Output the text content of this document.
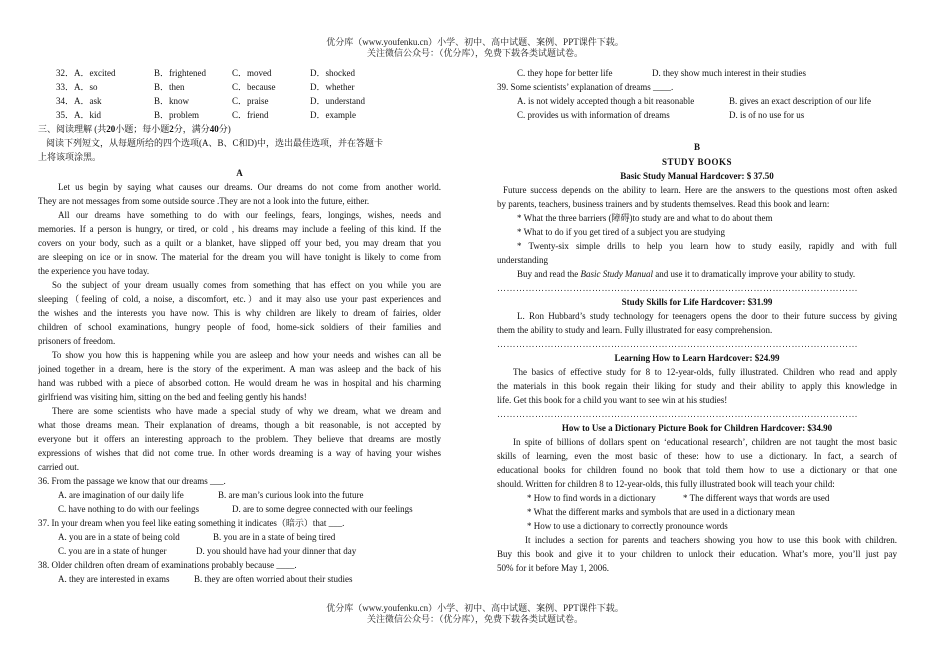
优分库（www.youfenku.cn）小学、初中、高中试题、案例、PPT课件下载。
关注微信公众号：（优分库），免费下载各类试题试卷。
32．A．excited	B．frightened	C．moved	D．shocked
33．A．so	B．then	C．because	D．whether
34．A．ask	B．know	C．praise	D．understand
35．A．kid	B．problem	C．friend	D．example
三、阅读理解 (共20小题；每小题2分，满分40分)
阅读下列短文，从每题所给的四个选项(A、B、C和D)中，选出最佳选项，并在答题卡
上将该项涂黑。
A
Let us begin by saying what causes our dreams. Our dreams do not come from another world.
They are not messages from some outside source .They are not a look into the future, either.
All our dreams have something to do with our feelings, fears, longings, wishes, needs and
memories. If a person is hungry, or tired, or cold , his dreams may include a feeling of this kind. If the
covers on your body, such as a quilt or a blanket, have slipped off your bed, you may dream that you
are sleeping on ice or in snow. The material for the dream you will have tonight is likely to come from
the experience you have today.
So the subject of your dream usually comes from something that has effect on you while you are
sleeping（feeling of cold, a noise, a discomfort, etc.）and it may also use your past experiences and
the wishes and the interests you have now. This is why children are likely to dream of fairies, older
children of school examinations, hungry people of food, home-sick soldiers of their families and
prisoners of freedom.
To show you how this is happening while you are asleep and how your needs and wishes can all be
joined together in a dream, here is the story of the experiment. A man was asleep and the back of his
hand was rubbed with a piece of absorbed cotton. He would dream he was in hospital and his charming
girlfriend was visiting him, sitting on the bed and feeling gently his hands!
There are some scientists who have made a special study of why we dream, what we dream and
what those dreams mean. Their explanation of dreams, though a bit reasonable, is not accepted by
everyone but it offers an interesting approach to the problem. They believe that dreams are mostly
expressions of wishes that did not come true. In other words dreaming is a way of having your wishes
carried out.
36. From the passage we know that our dreams ___.
A. are imagination of our daily life	B. are man’s curious look into the future
C. have nothing to do with our feelings	D. are to some degree connected with our feelings
37. In your dream when you feel like eating something it indicates（暗示）that ___.
A. you are in a state of being cold	B. you are in a state of being tired
C. you are in a state of hunger	D. you should have had your dinner that day
38. Older children often dream of examinations probably because ____.
A. they are interested in exams	B. they are often worried about their studies
C. they hope for better life	D. they show much interest in their studies
39. Some scientists’ explanation of dreams ____.
A. is not widely accepted though a bit reasonable	B. gives an exact description of our life
C. provides us with information of dreams	D. is of no use for us
B
STUDY BOOKS
Basic Study Manual Hardcover: $ 37.50
Future success depends on the ability to learn. Here are the answers to the questions most often asked
by parents, teachers, business trainers and by students themselves. Read this book and learn:
* What the three barriers (障碍)to study are and what to do about them
* What to do if you get tired of a subject you are studying
* Twenty-six simple drills to help you learn how to study easily, rapidly and with full
understanding
Buy and read the Basic Study Manual and use it to dramatically improve your ability to study.
……………………………………………………………………………………………………
Study Skills for Life Hardcover: $31.99
L. Ron Hubbard’s study technology for teenagers opens the door to their future success by giving
them the ability to study and learn. Fully illustrated for easy comprehension.
……………………………………………………………………………………………………
Learning How to Learn Hardcover: $24.99
The basics of effective study for 8 to 12-year-olds, fully illustrated. Children who read and apply
the materials in this book regain their liking for study and their ability to apply this knowledge in
life. Get this book for a child you want to see win at his studies!
……………………………………………………………………………………………………
How to Use a Dictionary Picture Book for Children Hardcover: $34.90
In spite of billions of dollars spent on ‘educational research’, children are not taught the most basic
skills of learning, even the most basic of these: how to use a dictionary. In fact, a search of
educational books for children found no book that told them how to use a dictionary or that one
should. Written for children 8 to 12-year-olds, this fully illustrated book will teach your child:
* How to find words in a dictionary	* The different ways that words are used
* What the different marks and symbols that are used in a dictionary mean
* How to use a dictionary to correctly pronounce words
It includes a section for parents and teachers showing you how to use this book with children.
Buy this book and give it to your children to unlock their education. What’s more, you’ll just pay
50% for it before May 1, 2006.
优分库（www.youfenku.cn）小学、初中、高中试题、案例、PPT课件下载。
关注微信公众号：（优分库），免费下载各类试题试卷。
